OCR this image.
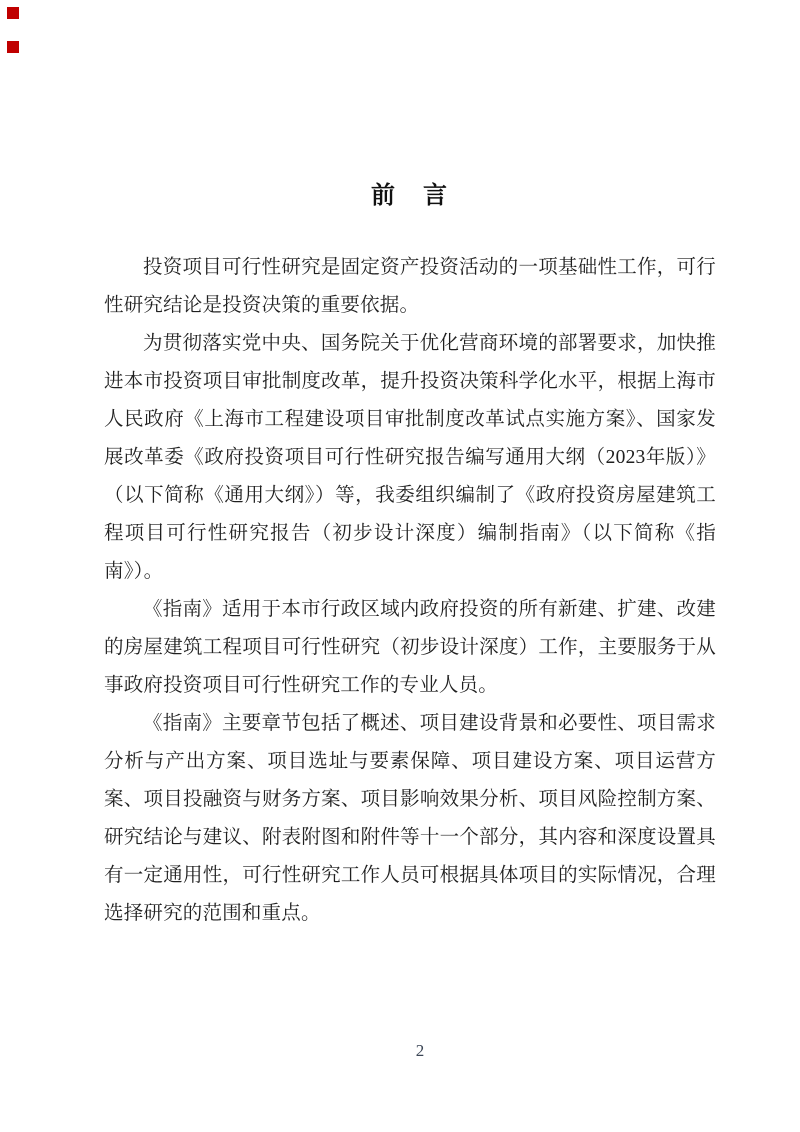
前　言

投资项目可行性研究是固定资产投资活动的一项基础性工作，可行性研究结论是投资决策的重要依据。

为贯彻落实党中央、国务院关于优化营商环境的部署要求，加快推进本市投资项目审批制度改革，提升投资决策科学化水平，根据上海市人民政府《上海市工程建设项目审批制度改革试点实施方案》、国家发展改革委《政府投资项目可行性研究报告编写通用大纲（2023年版）》（以下简称《通用大纲》）等，我委组织编制了《政府投资房屋建筑工程项目可行性研究报告（初步设计深度）编制指南》（以下简称《指南》）。

《指南》适用于本市行政区域内政府投资的所有新建、扩建、改建的房屋建筑工程项目可行性研究（初步设计深度）工作，主要服务于从事政府投资项目可行性研究工作的专业人员。

《指南》主要章节包括了概述、项目建设背景和必要性、项目需求分析与产出方案、项目选址与要素保障、项目建设方案、项目运营方案、项目投融资与财务方案、项目影响效果分析、项目风险控制方案、研究结论与建议、附表附图和附件等十一个部分，其内容和深度设置具有一定通用性，可行性研究工作人员可根据具体项目的实际情况，合理选择研究的范围和重点。

2
